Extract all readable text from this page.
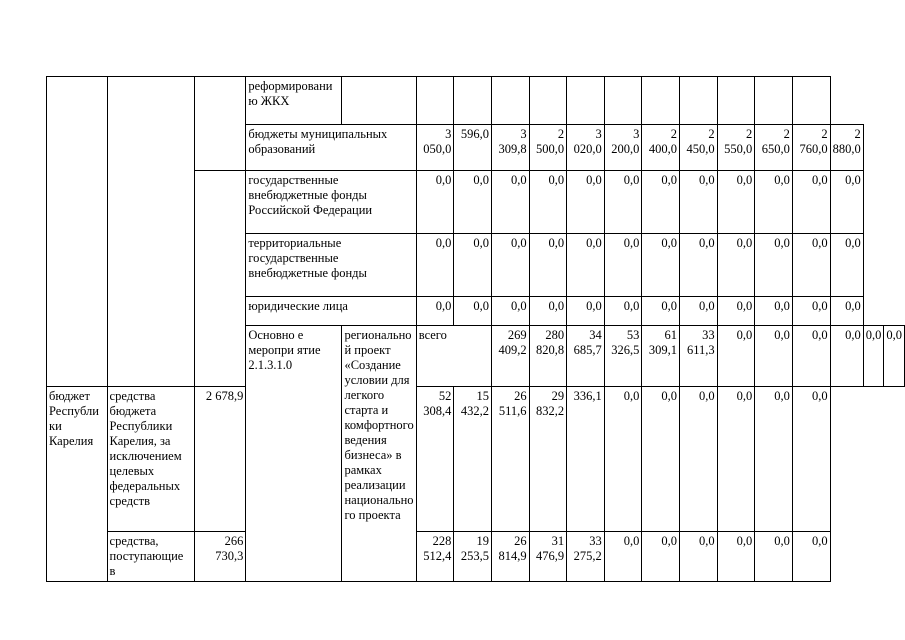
			реформировани ю ЖКХ															
			бюджеты муниципальных образований		3 050,0	596,0	3 309,8	2 500,0	3 020,0	3 200,0	2 400,0	2 450,0	2 550,0	2 650,0	2 760,0	2 880,0		
			государственные внебюджетные фонды Российской Федерации		0,0	0,0	0,0	0,0	0,0	0,0	0,0	0,0	0,0	0,0	0,0	0,0		
			территориальные государственные внебюджетные фонды		0,0	0,0	0,0	0,0	0,0	0,0	0,0	0,0	0,0	0,0	0,0	0,0		
			юридические лица		0,0	0,0	0,0	0,0	0,0	0,0	0,0	0,0	0,0	0,0	0,0	0,0		
			Основно е меропри ятие 2.1.3.1.0	регионально й проект «Создание условии для легкого старта и комфортного ведения бизнеса» в рамках реализации национально го проекта	всего		269 409,2	280 820,8	34 685,7	53 326,5	61 309,1	33 611,3	0,0	0,0	0,0	0,0	0,0	0,0
бюджет Республи ки Карелия	средства бюджета Республики Карелия, за исключением целевых федеральных средств	2 678,9			52 308,4	15 432,2	26 511,6	29 832,2	336,1	0,0	0,0	0,0	0,0	0,0	0,0			
	средства, поступающие в	266 730,3			228 512,4	19 253,5	26 814,9	31 476,9	33 275,2	0,0	0,0	0,0	0,0	0,0	0,0			
